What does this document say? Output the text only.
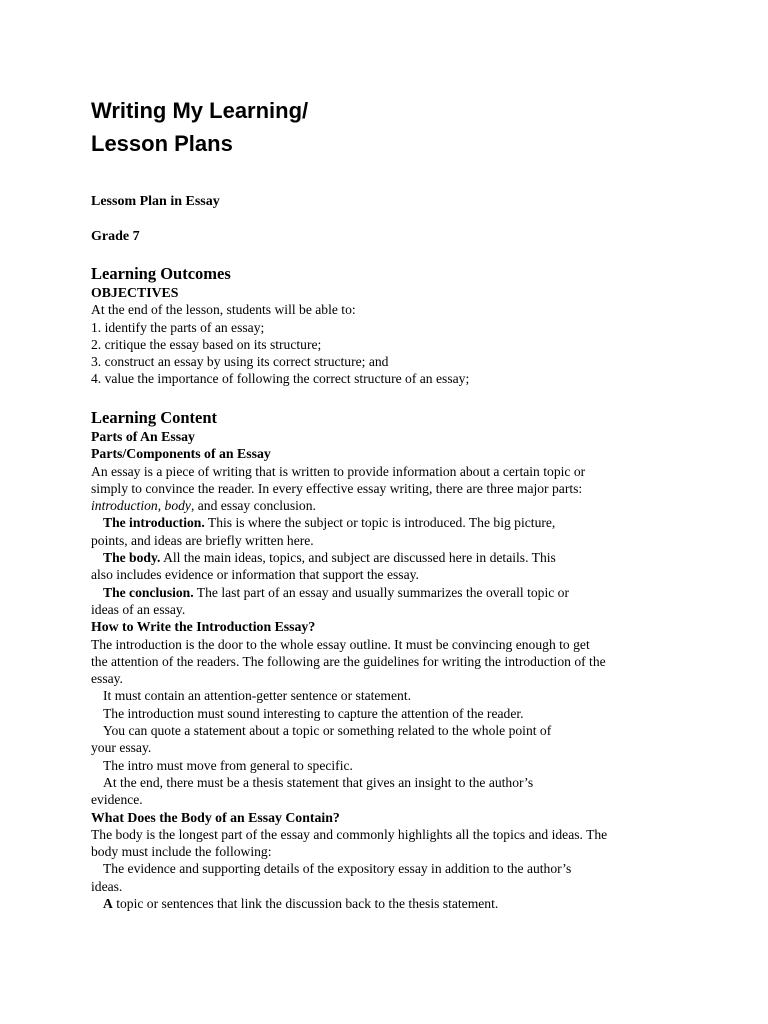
Writing My Learning/
Lesson Plans

Lessom Plan in Essay

Grade 7

Learning Outcomes
OBJECTIVES
At the end of the lesson, students will be able to:
1. identify the parts of an essay;
2. critique the essay based on its structure;
3. construct an essay by using its correct structure; and
4. value the importance of following the correct structure of an essay;
Learning Content
Parts of An Essay
Parts/Components of an Essay
An essay is a piece of writing that is written to provide information about a certain topic or
simply to convince the reader. In every effective essay writing, there are three major parts:
introduction, body, and essay conclusion.
The introduction. This is where the subject or topic is introduced. The big picture,
points, and ideas are briefly written here.
The body. All the main ideas, topics, and subject are discussed here in details. This
also includes evidence or information that support the essay.
The conclusion. The last part of an essay and usually summarizes the overall topic or
ideas of an essay.
How to Write the Introduction Essay?
The introduction is the door to the whole essay outline. It must be convincing enough to get
the attention of the readers. The following are the guidelines for writing the introduction of the
essay.
It must contain an attention-getter sentence or statement.
The introduction must sound interesting to capture the attention of the reader.
You can quote a statement about a topic or something related to the whole point of
your essay.
The intro must move from general to specific.
At the end, there must be a thesis statement that gives an insight to the author’s
evidence.
What Does the Body of an Essay Contain?
The body is the longest part of the essay and commonly highlights all the topics and ideas. The
body must include the following:
The evidence and supporting details of the expository essay in addition to the author’s
ideas.
A topic or sentences that link the discussion back to the thesis statement.
